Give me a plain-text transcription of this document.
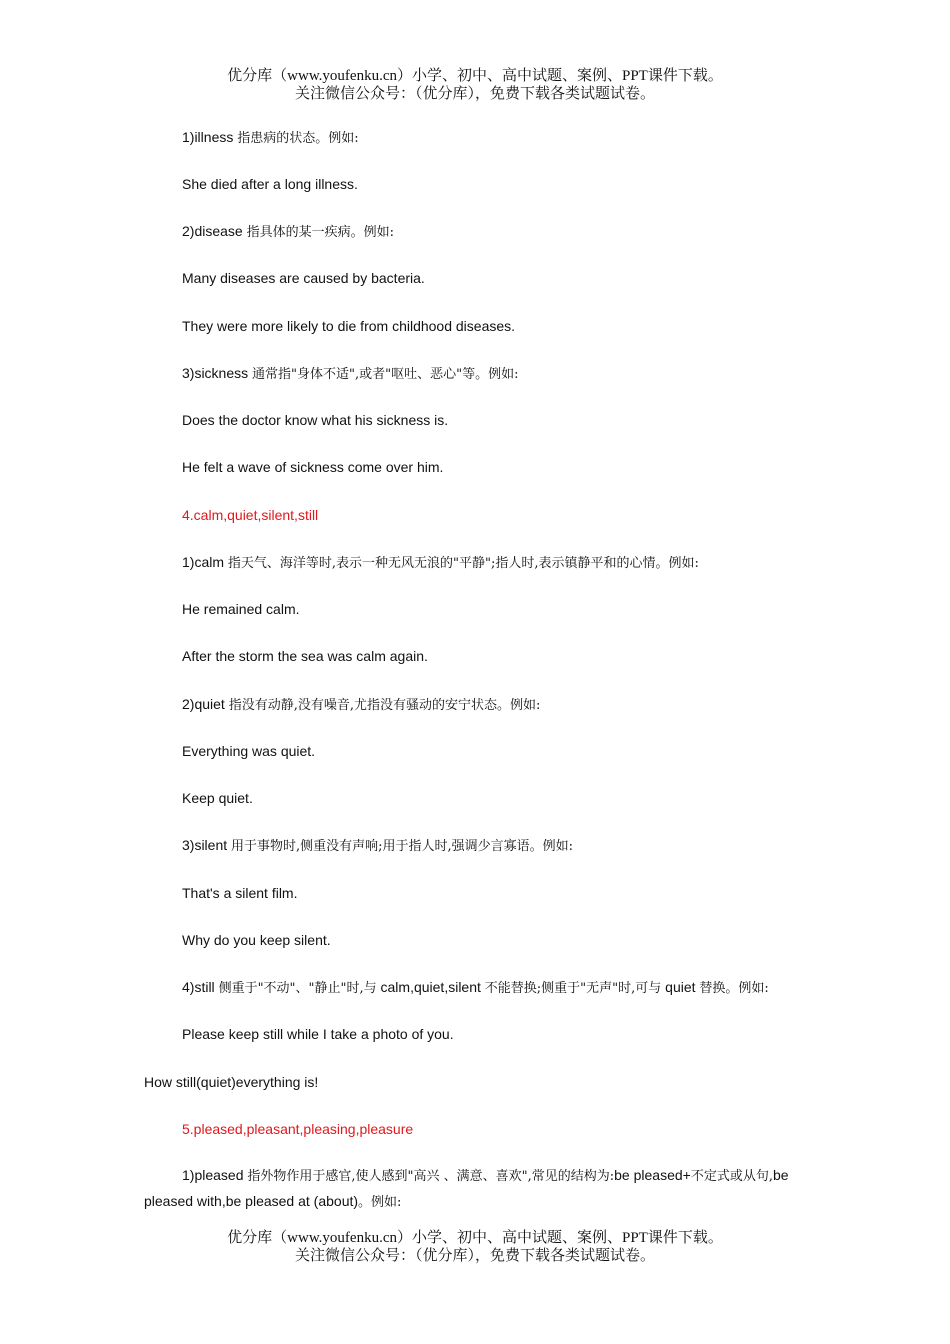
优分库（www.youfenku.cn）小学、初中、高中试题、案例、PPT课件下载。
关注微信公众号：（优分库），免费下载各类试题试卷。
1)illness 指患病的状态。例如:
She died after a long illness.
2)disease 指具体的某一疾病。例如:
Many diseases are caused by bacteria.
They were more likely to die from childhood diseases.
3)sickness 通常指"身体不适",或者"呕吐、恶心"等。例如:
Does the doctor know what his sickness is.
He felt a wave of sickness come over him.
4.calm,quiet,silent,still
1)calm 指天气、海洋等时,表示一种无风无浪的"平静";指人时,表示镇静平和的心情。例如:
He remained calm.
After the storm the sea was calm again.
2)quiet 指没有动静,没有噪音,尤指没有骚动的安宁状态。例如:
Everything was quiet.
Keep quiet.
3)silent 用于事物时,侧重没有声响;用于指人时,强调少言寡语。例如:
That's a silent film.
Why do you keep silent.
4)still 侧重于"不动"、"静止"时,与 calm,quiet,silent 不能替换;侧重于"无声"时,可与 quiet 替换。例如:
Please keep still while I take a photo of you.
How still(quiet)everything is!
5.pleased,pleasant,pleasing,pleasure
1)pleased 指外物作用于感官,使人感到"高兴 、满意、喜欢",常见的结构为:be pleased+不定式或从句,be pleased with,be pleased at (about)。例如:
优分库（www.youfenku.cn）小学、初中、高中试题、案例、PPT课件下载。
关注微信公众号：（优分库），免费下载各类试题试卷。
